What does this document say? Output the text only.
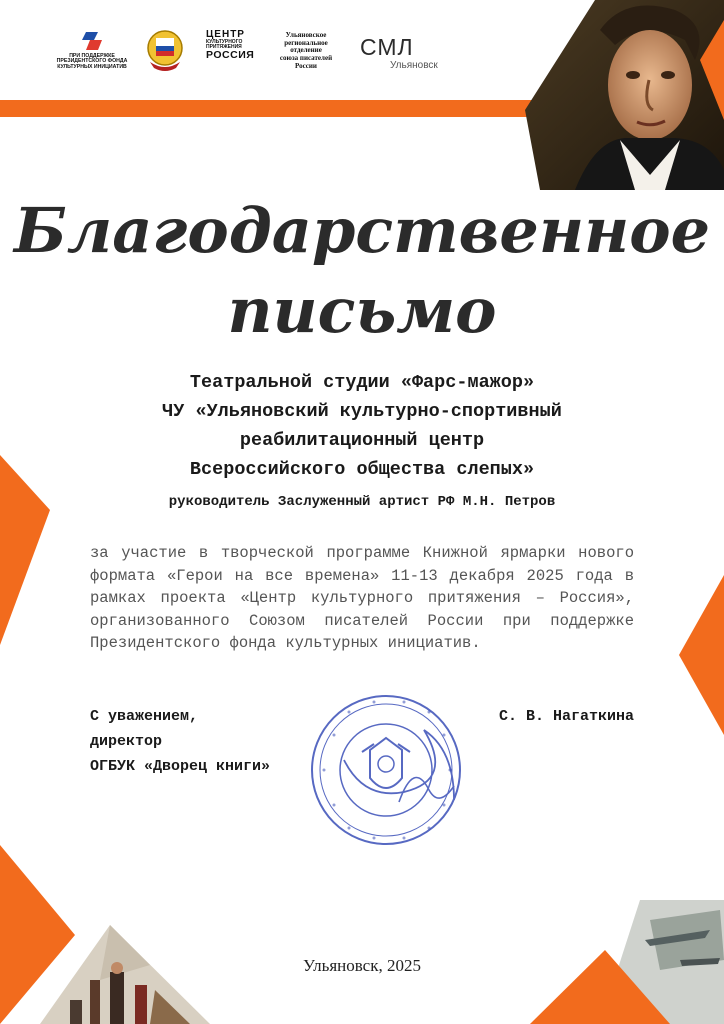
ПРИ ПОДДЕРЖКЕ
ПРЕЗИДЕНТСКОГО ФОНДА
КУЛЬТУРНЫХ ИНИЦИАТИВ
ЦЕНТР
КУЛЬТУРНОГО
ПРИТЯЖЕНИЯ
РОССИЯ
Ульяновское
региональное
отделение
союза писателей
России
СМЛ
Ульяновск
Благодарственное
письмо
Театральной студии «Фарс-мажор»
ЧУ «Ульяновский культурно-спортивный
реабилитационный центр
Всероссийского общества слепых»
руководитель Заслуженный артист РФ М.Н. Петров
за участие в творческой программе Книжной ярмарки нового формата «Герои на все времена» 11-13 декабря 2025 года в рамках проекта «Центр культурного притяжения – Россия», организованного Союзом писателей России при поддержке Президентского фонда культурных инициатив.
С уважением,
директор
ОГБУК «Дворец книги»
С. В. Нагаткина
Ульяновск, 2025
